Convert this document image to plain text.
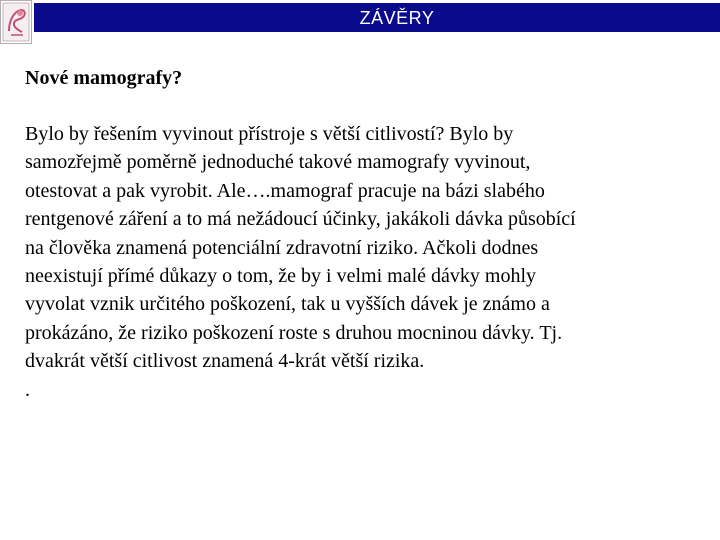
ZÁVĚRY
Nové mamografy?

Bylo by řešením vyvinout přístroje s větší citlivostí? Bylo by
samozřejmě poměrně jednoduché takové mamografy vyvinout,
otestovat a pak vyrobit. Ale….mamograf pracuje na bázi slabého
rentgenové záření a to má nežádoucí účinky, jakákoli dávka působící
na člověka znamená potenciální zdravotní riziko. Ačkoli dodnes
neexistují přímé důkazy o tom, že by i velmi malé dávky mohly
vyvolat vznik určitého poškození, tak u vyšších dávek je známo a
prokázáno, že riziko poškození roste s druhou mocninou dávky. Tj.
dvakrát větší citlivost znamená 4-krát větší rizika.
.
